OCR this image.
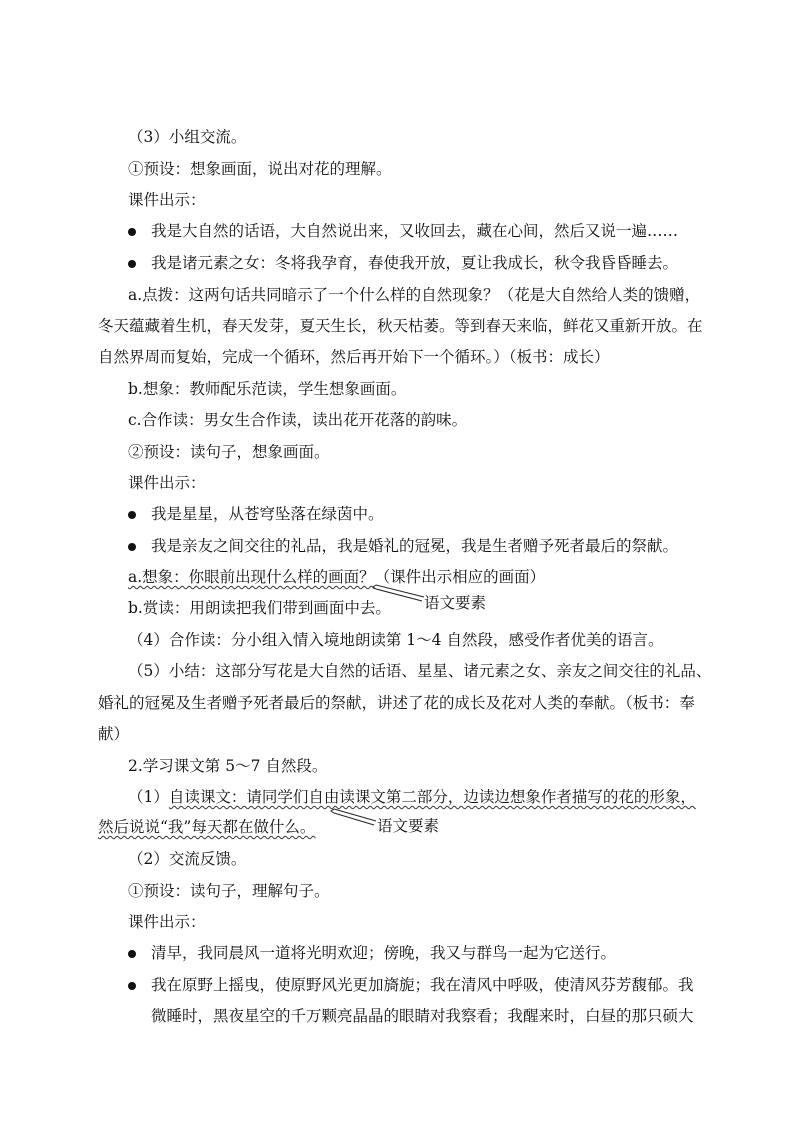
（3）小组交流。
①预设：想象画面，说出对花的理解。
课件出示：
我是大自然的话语，大自然说出来，又收回去，藏在心间，然后又说一遍……
我是诸元素之女：冬将我孕育，春使我开放，夏让我成长，秋令我昏昏睡去。
a.点拨：这两句话共同暗示了一个什么样的自然现象？（花是大自然给人类的馈赠，
冬天蕴藏着生机，春天发芽，夏天生长，秋天枯萎。等到春天来临，鲜花又重新开放。在
自然界周而复始，完成一个循环，然后再开始下一个循环。）（板书：成长）
b.想象：教师配乐范读，学生想象画面。
c.合作读：男女生合作读，读出花开花落的韵味。
②预设：读句子，想象画面。
课件出示：
我是星星，从苍穹坠落在绿茵中。
我是亲友之间交往的礼品，我是婚礼的冠冕，我是生者赠予死者最后的祭献。
a.想象：你眼前出现什么样的画面？（课件出示相应的画面）
语文要素
b.赏读：用朗读把我们带到画面中去。
（4）合作读：分小组入情入境地朗读第 1～4 自然段，感受作者优美的语言。
（5）小结：这部分写花是大自然的话语、星星、诸元素之女、亲友之间交往的礼品、
婚礼的冠冕及生者赠予死者最后的祭献，讲述了花的成长及花对人类的奉献。（板书：奉
献）
2.学习课文第 5～7 自然段。
（1）自读课文：请同学们自由读课文第二部分，边读边想象作者描写的花的形象，
然后说说“我”每天都在做什么。	语文要素
（2）交流反馈。
①预设：读句子，理解句子。
课件出示：
清早，我同晨风一道将光明欢迎；傍晚，我又与群鸟一起为它送行。
我在原野上摇曳，使原野风光更加旖旎；我在清风中呼吸，使清风芬芳馥郁。我
微睡时，黑夜星空的千万颗亮晶晶的眼睛对我察看；我醒来时，白昼的那只硕大
